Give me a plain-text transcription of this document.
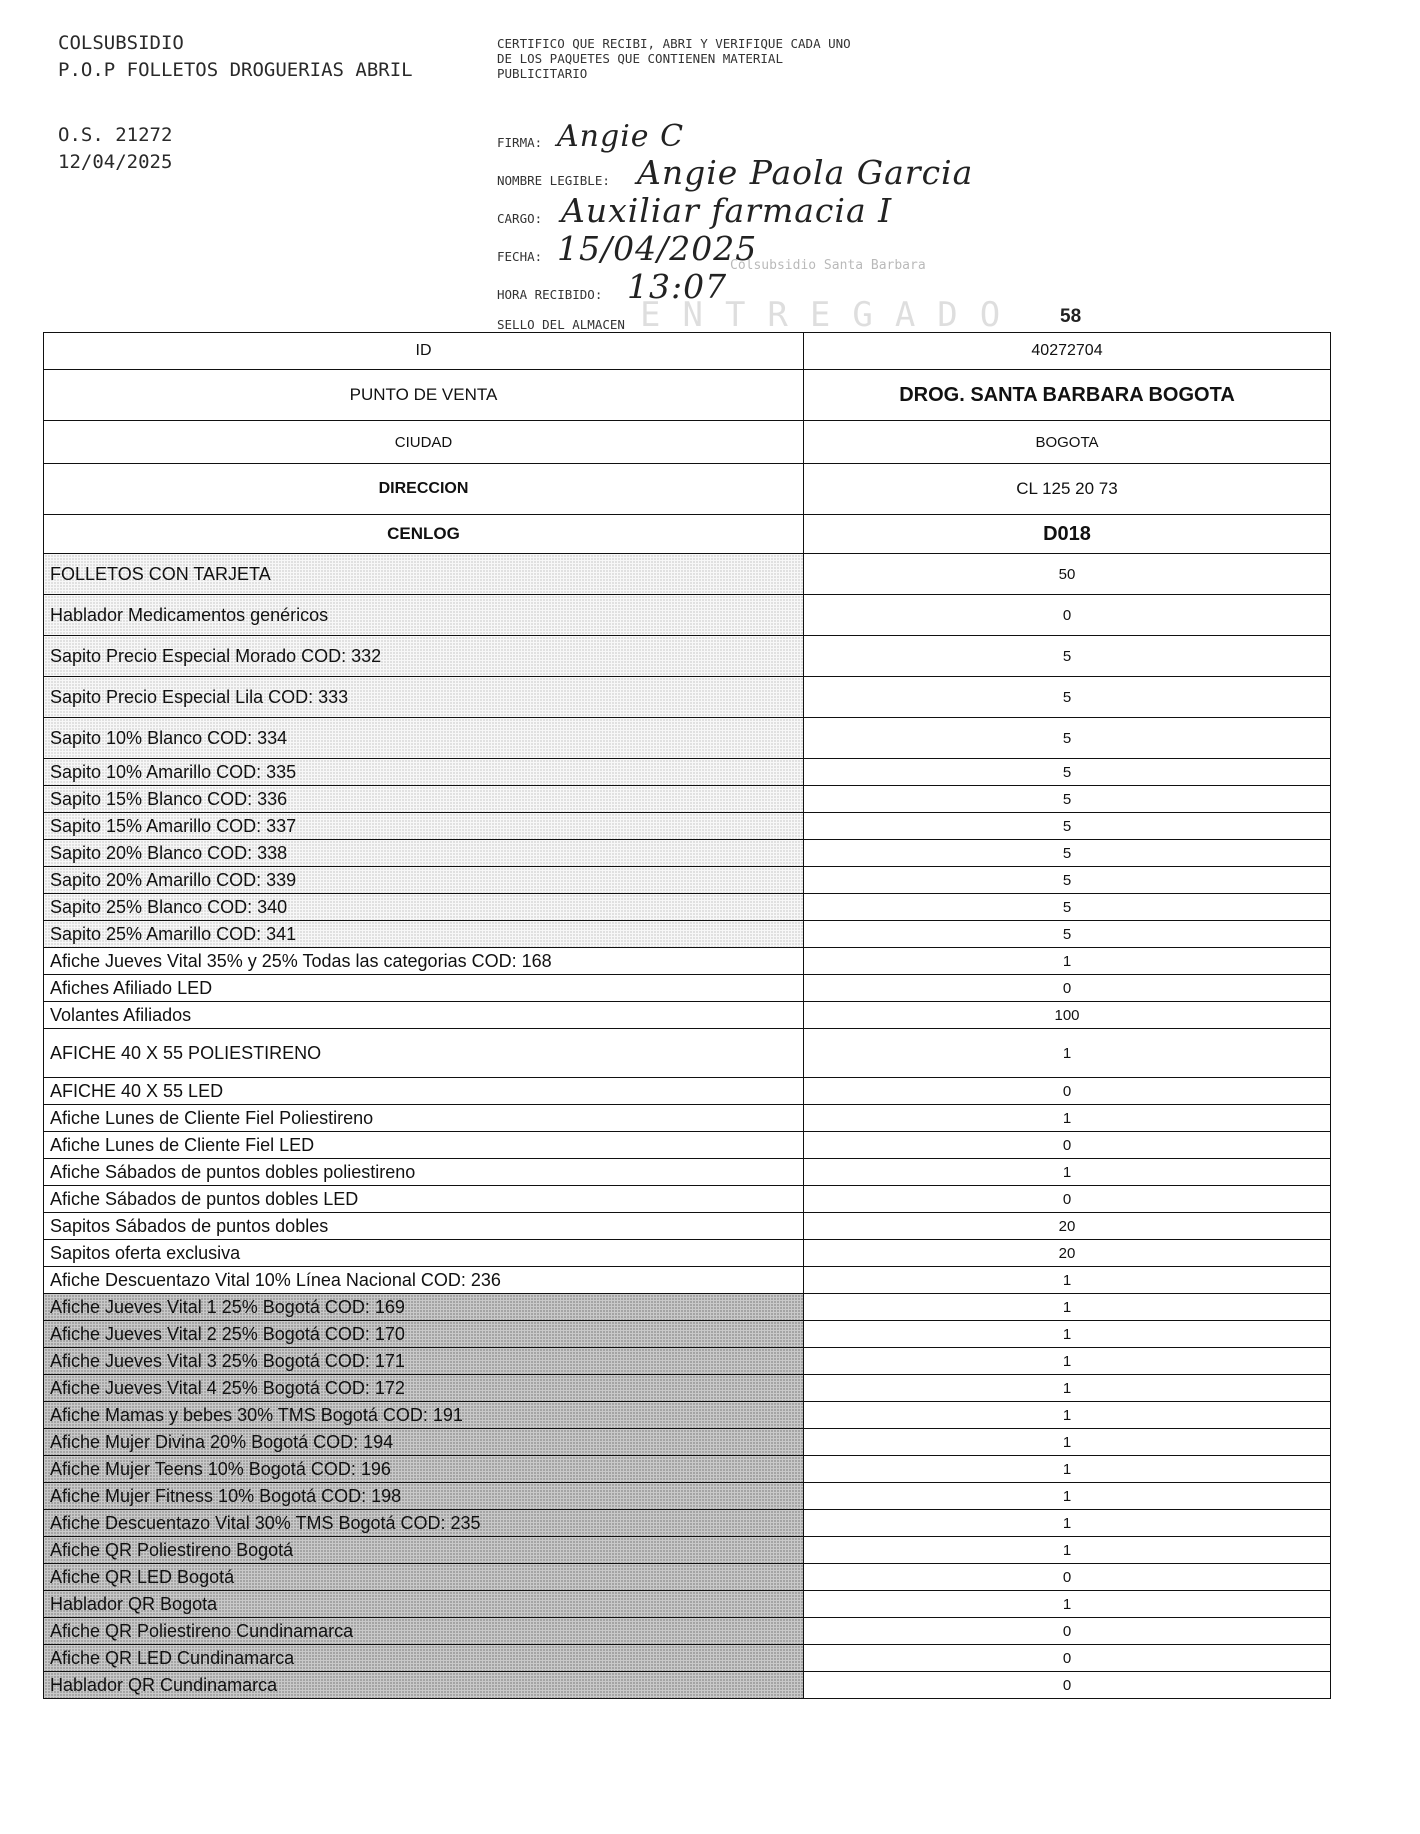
COLSUBSIDIO
P.O.P FOLLETOS DROGUERIAS ABRIL
O.S. 21272
12/04/2025
CERTIFICO QUE RECIBI, ABRI Y VERIFIQUE CADA UNO DE LOS PAQUETES QUE CONTIENEN MATERIAL PUBLICITARIO
FIRMA: Angie C
NOMBRE LEGIBLE: Angie Paola Garcia
CARGO: Auxiliar farmacia I
FECHA: 15/04/2025
HORA RECIBIDO: 13:07
SELLO DEL ALMACEN
Colsubsidio Santa Barbara
ENTREGADO 58
ID	40272704
PUNTO DE VENTA	DROG. SANTA BARBARA BOGOTA
CIUDAD	BOGOTA
DIRECCION	CL 125 20 73
CENLOG	D018
FOLLETOS CON TARJETA	50
Hablador Medicamentos genéricos	0
Sapito Precio Especial Morado COD: 332	5
Sapito Precio Especial Lila COD: 333	5
Sapito 10% Blanco COD: 334	5
Sapito 10% Amarillo COD: 335	5
Sapito 15% Blanco COD: 336	5
Sapito 15% Amarillo COD: 337	5
Sapito 20% Blanco COD: 338	5
Sapito 20% Amarillo COD: 339	5
Sapito 25% Blanco COD: 340	5
Sapito 25% Amarillo COD: 341	5
Afiche Jueves Vital 35% y 25% Todas las categorias COD: 168	1
Afiches Afiliado LED	0
Volantes Afiliados	100
AFICHE 40 X 55 POLIESTIRENO	1
AFICHE 40 X 55 LED	0
Afiche Lunes de Cliente Fiel Poliestireno	1
Afiche Lunes de Cliente Fiel LED	0
Afiche Sábados de puntos dobles poliestireno	1
Afiche Sábados de puntos dobles LED	0
Sapitos Sábados de puntos dobles	20
Sapitos oferta exclusiva	20
Afiche Descuentazo Vital 10% Línea Nacional COD: 236	1
Afiche Jueves Vital 1 25% Bogotá COD: 169	1
Afiche Jueves Vital 2 25% Bogotá COD: 170	1
Afiche Jueves Vital 3 25% Bogotá COD: 171	1
Afiche Jueves Vital 4 25% Bogotá COD: 172	1
Afiche Mamas y bebes 30% TMS Bogotá COD: 191	1
Afiche Mujer Divina 20% Bogotá COD: 194	1
Afiche Mujer Teens 10% Bogotá COD: 196	1
Afiche Mujer Fitness 10% Bogotá COD: 198	1
Afiche Descuentazo Vital 30% TMS Bogotá COD: 235	1
Afiche QR Poliestireno Bogotá	1
Afiche QR LED Bogotá	0
Hablador QR Bogota	1
Afiche QR Poliestireno Cundinamarca	0
Afiche QR LED Cundinamarca	0
Hablador QR Cundinamarca	0
